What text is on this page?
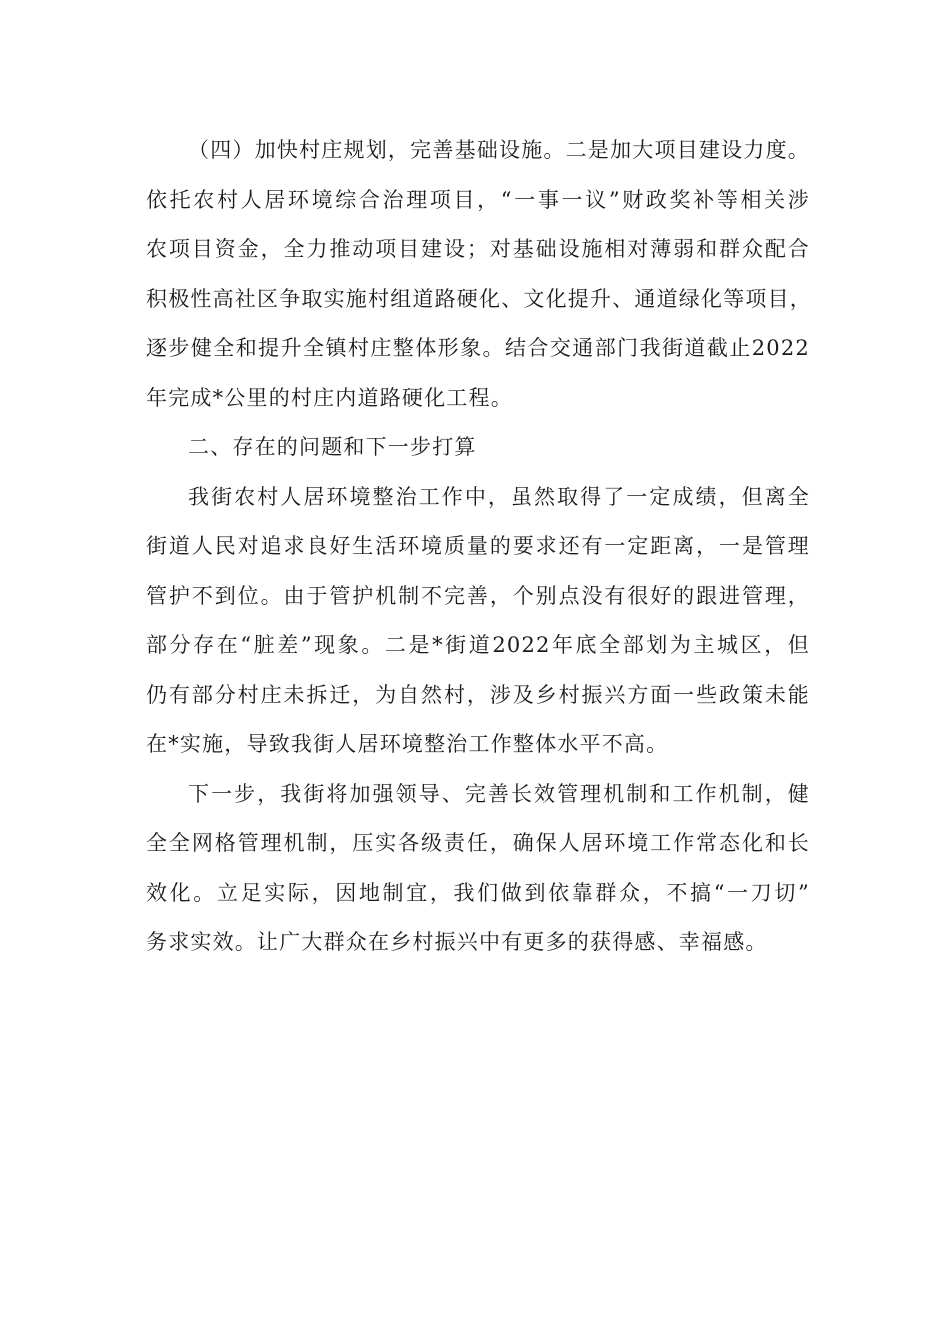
（四）加快村庄规划，完善基础设施。二是加大项目建设力度。
依托农村人居环境综合治理项目，“一事一议”财政奖补等相关涉
农项目资金，全力推动项目建设；对基础设施相对薄弱和群众配合
积极性高社区争取实施村组道路硬化、文化提升、通道绿化等项目，
逐步健全和提升全镇村庄整体形象。结合交通部门我街道截止2022
年完成*公里的村庄内道路硬化工程。
二、存在的问题和下一步打算
我街农村人居环境整治工作中，虽然取得了一定成绩，但离全
街道人民对追求良好生活环境质量的要求还有一定距离，一是管理
管护不到位。由于管护机制不完善，个别点没有很好的跟进管理，
部分存在“脏差”现象。二是*街道2022年底全部划为主城区，但
仍有部分村庄未拆迁，为自然村，涉及乡村振兴方面一些政策未能
在*实施，导致我街人居环境整治工作整体水平不高。
下一步，我街将加强领导、完善长效管理机制和工作机制，健
全全网格管理机制，压实各级责任，确保人居环境工作常态化和长
效化。立足实际，因地制宜，我们做到依靠群众，不搞“一刀切”
务求实效。让广大群众在乡村振兴中有更多的获得感、幸福感。
